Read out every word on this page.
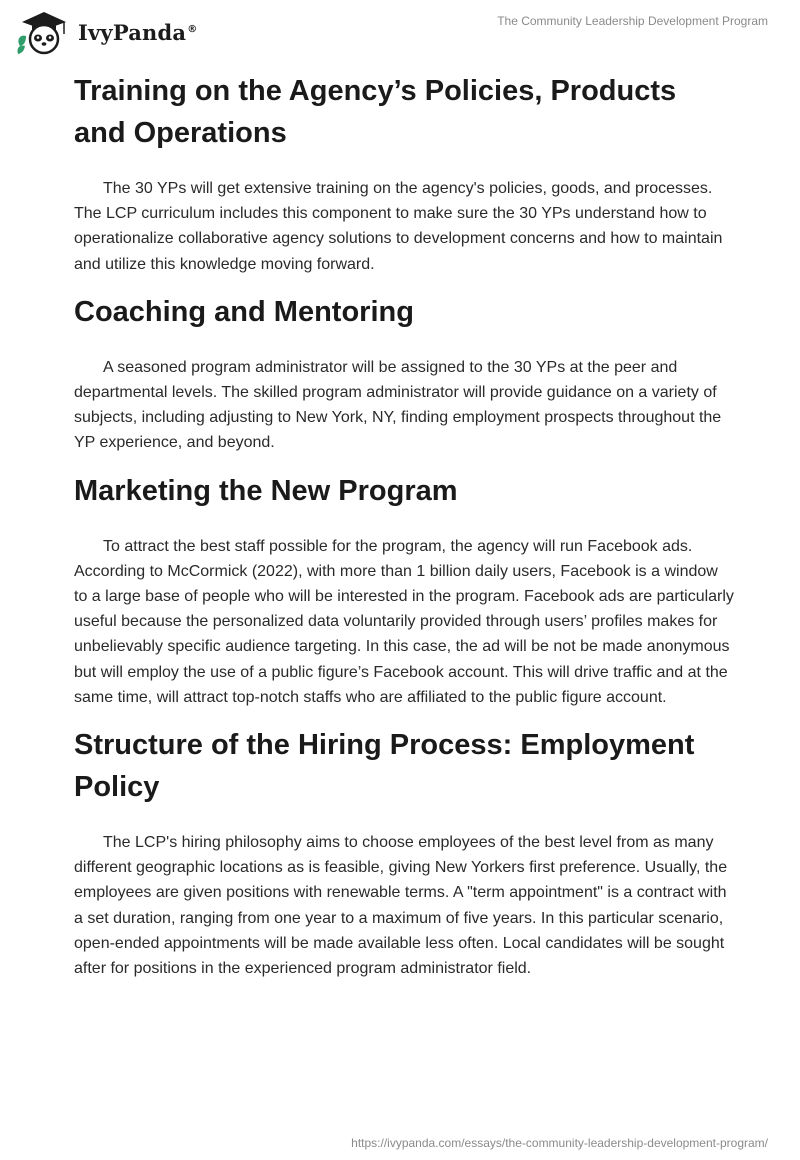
IvyPanda®
The Community Leadership Development Program
Training on the Agency’s Policies, Products and Operations

The 30 YPs will get extensive training on the agency's policies, goods, and processes. The LCP curriculum includes this component to make sure the 30 YPs understand how to operationalize collaborative agency solutions to development concerns and how to maintain and utilize this knowledge moving forward.

Coaching and Mentoring

A seasoned program administrator will be assigned to the 30 YPs at the peer and departmental levels. The skilled program administrator will provide guidance on a variety of subjects, including adjusting to New York, NY, finding employment prospects throughout the YP experience, and beyond.

Marketing the New Program

To attract the best staff possible for the program, the agency will run Facebook ads. According to McCormick (2022), with more than 1 billion daily users, Facebook is a window to a large base of people who will be interested in the program. Facebook ads are particularly useful because the personalized data voluntarily provided through users’ profiles makes for unbelievably specific audience targeting. In this case, the ad will be not be made anonymous but will employ the use of a public figure’s Facebook account. This will drive traffic and at the same time, will attract top-notch staffs who are affiliated to the public figure account.

Structure of the Hiring Process: Employment Policy

The LCP's hiring philosophy aims to choose employees of the best level from as many different geographic locations as is feasible, giving New Yorkers first preference. Usually, the employees are given positions with renewable terms. A "term appointment" is a contract with a set duration, ranging from one year to a maximum of five years. In this particular scenario, open-ended appointments will be made available less often. Local candidates will be sought after for positions in the experienced program administrator field.

https://ivypanda.com/essays/the-community-leadership-development-program/
